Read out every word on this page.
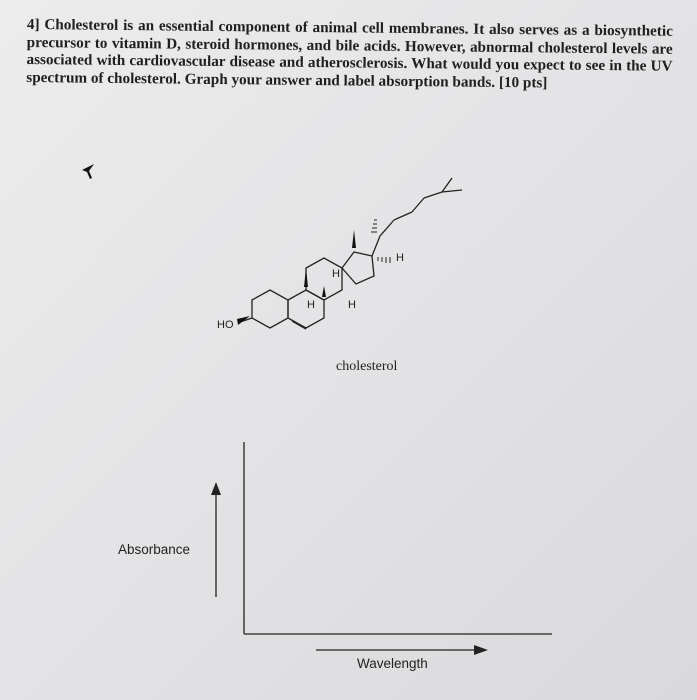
4] Cholesterol is an essential component of animal cell membranes. It also serves as a biosynthetic precursor to vitamin D, steroid hormones, and bile acids. However, abnormal cholesterol levels are associated with cardiovascular disease and atherosclerosis. What would you expect to see in the UV spectrum of cholesterol. Graph your answer and label absorption bands. [10 pts]
HO
H
H
H	H
cholesterol
Absorbance
Wavelength
